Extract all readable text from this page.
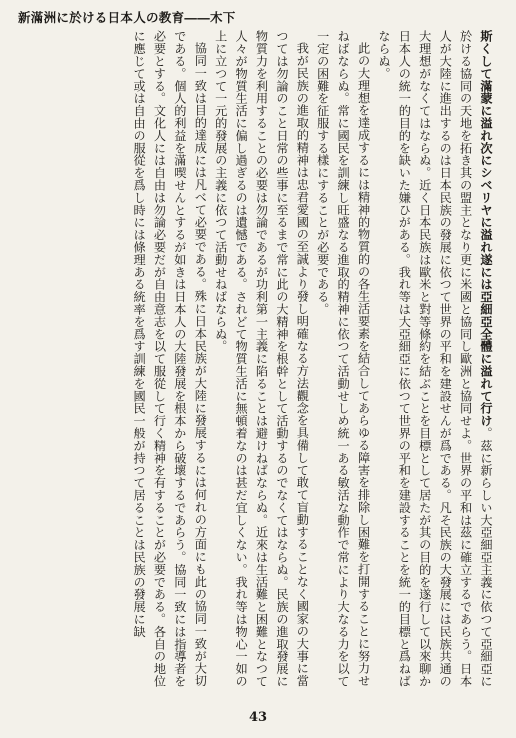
新滿洲に於ける日本人の教育――木下

斯くして滿蒙に溢れ次にシベリヤに溢れ遂には亞細亞全體に溢れて行け。茲に新らしい大亞細亞主義に依つて亞細亞に於ける協同の天地を拓き其の盟主となり更に米國と協同し歐洲と協同せよ。世界の平和は茲に確立するであらう。日本人が大陸に進出するのは日本民族の發展に依つて世界の平和を建設せんが爲である。凡そ民族の大發展には民族共通の大理想がなくてはならぬ。近く日本民族は歐米と對等條約を結ぶことを目標として居たが其の目的を遂行して以來聊か日本人の統一的目的を缺いた嫌ひがある。我れ等は大亞細亞に依つて世界の平和を建設することを統一的目標と爲ねばならぬ。

此の大理想を達成するには精神的物質的の各生活要素を結合してあらゆる障害を排除し困難を打開することに努力せねばならぬ。常に國民を訓練し旺盛なる進取的精神に依つて活動せしめ統一ある敏活な動作で常により大なる力を以て一定の困難を征服する樣にすることが必要である。

我が民族の進取的精神は忠君愛國の至誠より發し明確なる方法觀念を具備して敢て盲動することなく國家の大事に當つては勿論のこと日常の些事に至るまで常に此の大精神を根幹として活動するのでなくてはならぬ。民族の進取發展に物質力を利用することの必要は勿論であるが功利第一主義に陷ることは避けねばならぬ。近來は生活難と困難となつて人々が物質生活に偏し過ぎるのは遺憾である。されどて物質生活に無頓着なのは甚だ宜しくない。我れ等は物心一如の上に立つて一元的發展の主義に依つて活動せねばならぬ。

協同一致は目的達成には凡べて必要である。殊に日本民族が大陸に發展するには何れの方面にも此の協同一致が大切である。個人的利益を滿喫せんとするが如きは日本人の大陸發展を根本から破壞するであらう。協同一致には指導者を必要とする。文化人には自由は勿論必要だが自由意志を以て服從して行く精神を有することが必要である。各自の地位に應じて或は自由の服從を爲し時には條理ある統率を爲す訓練を國民一般が持つて居ることは民族の發展に缺

43
